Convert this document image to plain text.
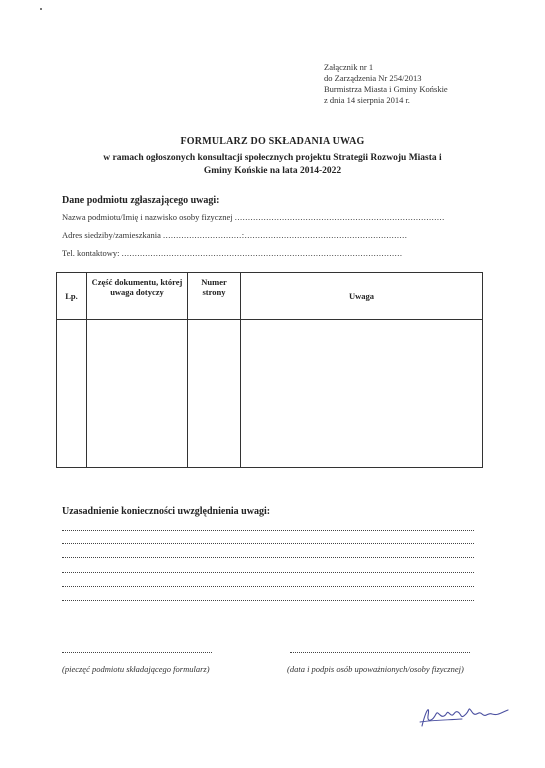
Załącznik nr 1
do Zarządzenia Nr 254/2013
Burmistrza Miasta i Gminy Końskie
z dnia 14 sierpnia 2014 r.
FORMULARZ DO SKŁADANIA UWAG
w ramach ogłoszonych konsultacji społecznych projektu Strategii Rozwoju Miasta i
Gminy Końskie na lata 2014-2022
Dane podmiotu zgłaszającego uwagi:
Nazwa podmiotu/Imię i nazwisko osoby fizycznej ................................................................................
Adres siedziby/zamieszkania ..............................:..............................................................
Tel. kontaktowy: ...........................................................................................................
Lp.	Część dokumentu, której uwaga dotyczy	Numer strony	Uwaga

Uzasadnienie konieczności uwzględnienia uwagi:
(pieczęć podmiotu składającego formularz)	(data i podpis osób upoważnionych/osoby fizycznej)
